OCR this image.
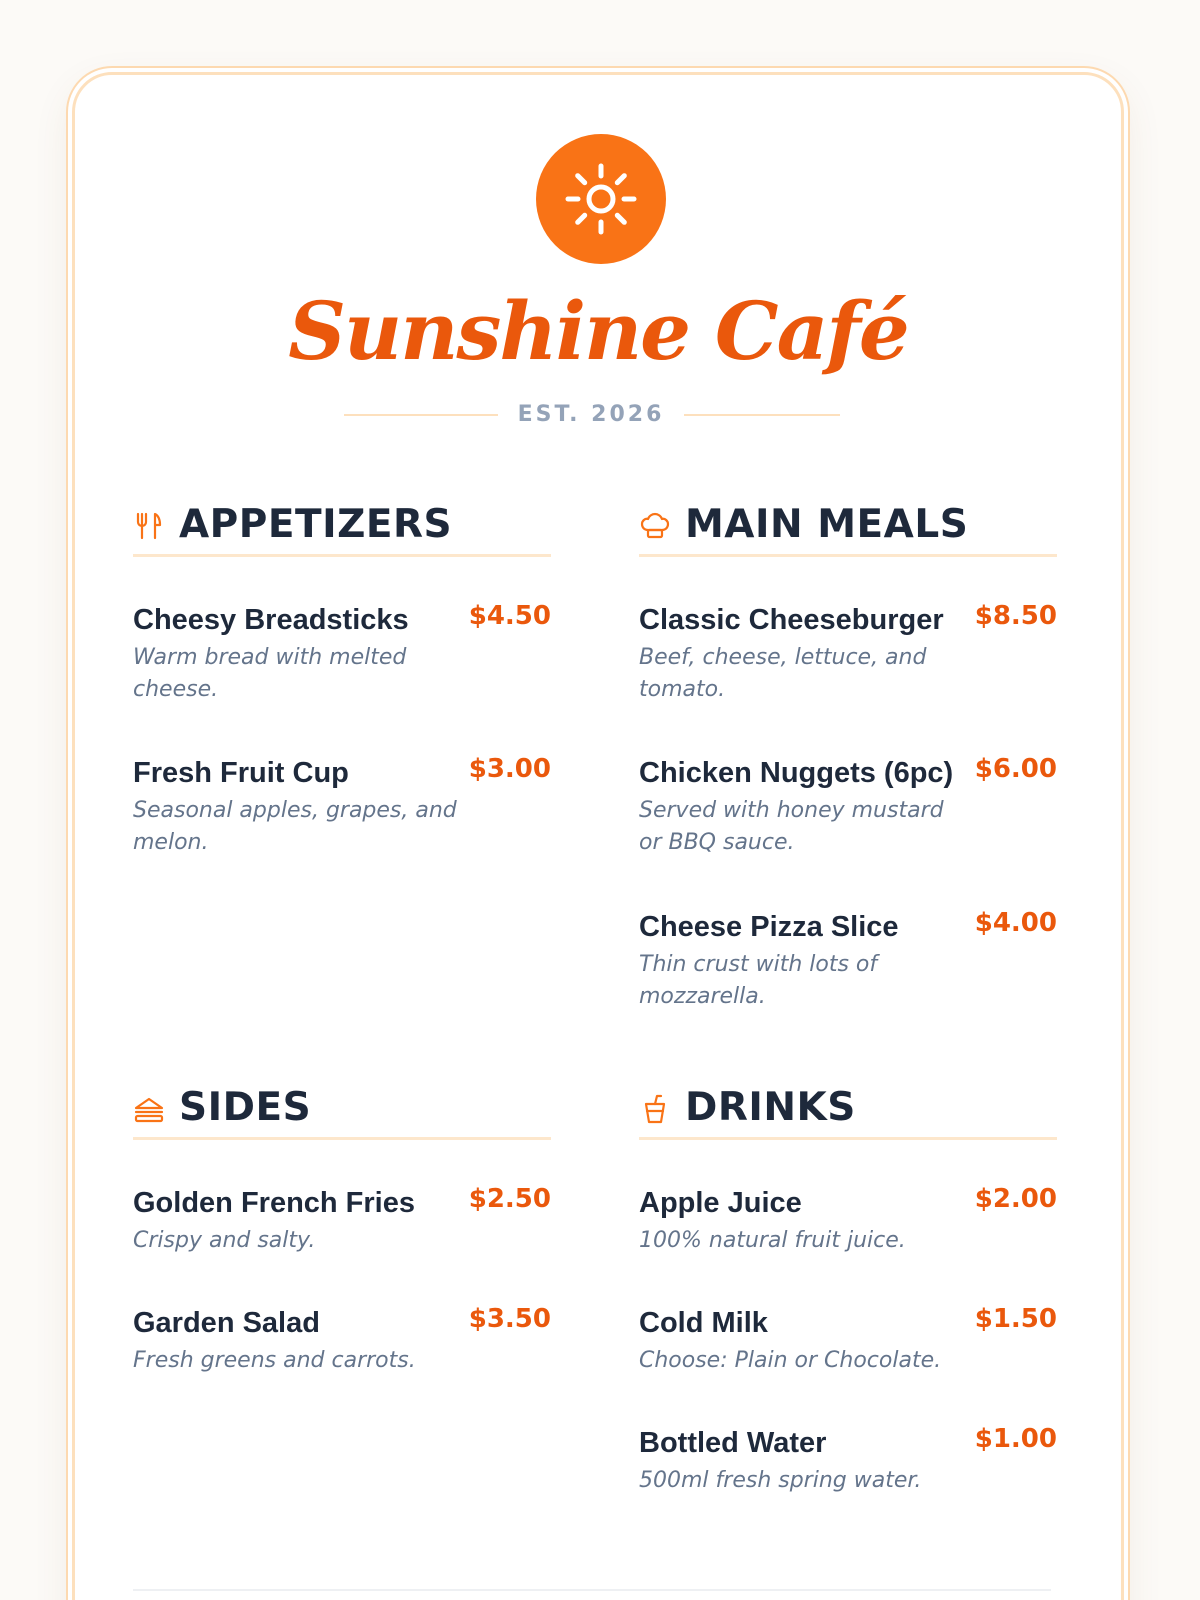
Sunshine Café
EST. 2026
APPETIZERS
Cheesy Breadsticks $4.50
Warm bread with melted cheese.
Fresh Fruit Cup	$3.00
Seasonal apples, grapes, and melon.
MAIN MEALS
Classic Cheeseburger $8.50
Beef, cheese, lettuce, and tomato.
Chicken Nuggets (6pc) $6.00
Served with honey mustard or BBQ sauce.
Cheese Pizza Slice	$4.00
Thin crust with lots of mozzarella.
SIDES
Golden French Fries $2.50
Crispy and salty.
Garden Salad	$3.50
Fresh greens and carrots.
DRINKS
Apple Juice	$2.00
100% natural fruit juice.
Cold Milk	$1.50
Choose: Plain or Chocolate.
Bottled Water	$1.00
500ml fresh spring water.
